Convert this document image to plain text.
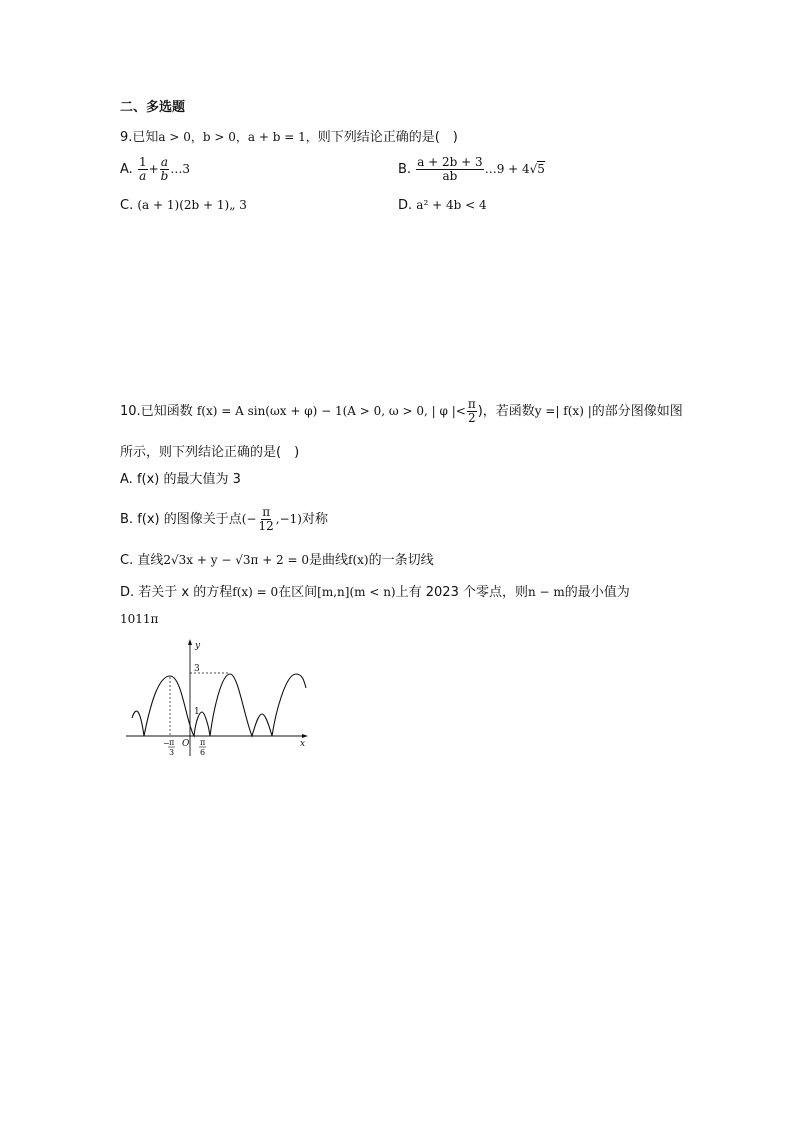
二、多选题
9.已知a > 0，b > 0，a + b = 1，则下列结论正确的是(　)
A. $\frac{1}{a} + \frac{a}{b}$ …3	B. $\frac{a + 2b + 3}{ab}$ …9 + 4√5
C. (a + 1)(2b + 1)„ 3	D. a² + 4b < 4
10.已知函数 f(x) = A sin(ωx + φ) − 1(A > 0, ω > 0, | φ |< $\frac{\pi}{2}$ )，若函数y =| f(x) |的部分图像如图
所示，则下列结论正确的是(　)
A. f(x) 的最大值为 3
B. f(x) 的图像关于点(− $\frac{\pi}{12} ,-1$)对称
C. 直线2√3x + y − √3π + 2 = 0是曲线f(x)的一条切线
D. 若关于 x 的方程f(x) = 0在区间[m,n](m < n)上有 2023 个零点，则n − m的最小值为
1011π
y
x
O
3
1
− π
3
π
6
